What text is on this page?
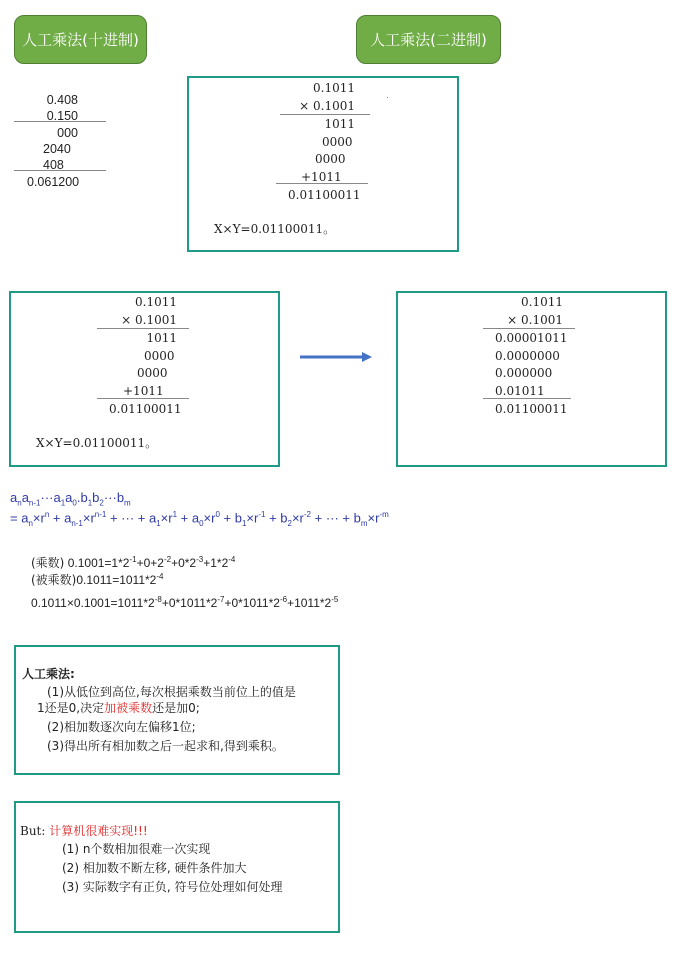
人工乘法(十进制)	人工乘法(二进制)
0.408
0.150
000
2040
408
0.061200
0.1011
× 0.1001
1011
0000
0000
+1011
0.01100011
X×Y=0.01100011。
·
0.1011
× 0.1001
1011
0000
0000
+1011
0.01100011
X×Y=0.01100011。
0.1011
× 0.1001
0.00001011
0.0000000
0.000000
0.01011
0.01100011
$a_na_{n-1}\cdot\cdot\cdot a_1a_0.b_1b_2\cdot\cdot\cdot b_m$
= $a_n\times r^n + a_{n-1}\times r^{n-1}$ + ··· + $a_1\times r^1 + a_0\times r^0 + b_1\times r^{-1} + b_2\times r^{-2}$ + ··· + $b_m\times r^{-m}$
(乘数) $0.1001=1*2^{-1}+0+2^{-2}+0*2^{-3}+1*2^{-4}$
(被乘数)$0.1011=1011*2^{-4}$
$0.1011\times 0.1001=1011*2^{-8}+0*1011*2^{-7}+0*1011*2^{-6}+1011*2^{-5}$
人工乘法:
(1)从低位到高位,每次根据乘数当前位上的值是
1还是0,决定加被乘数还是加0;
(2)相加数逐次向左偏移1位;
(3)得出所有相加数之后一起求和,得到乘积。
But: 计算机很难实现!!!
(1) n个数相加很难一次实现
(2) 相加数不断左移, 硬件条件加大
(3) 实际数字有正负, 符号位处理如何处理
